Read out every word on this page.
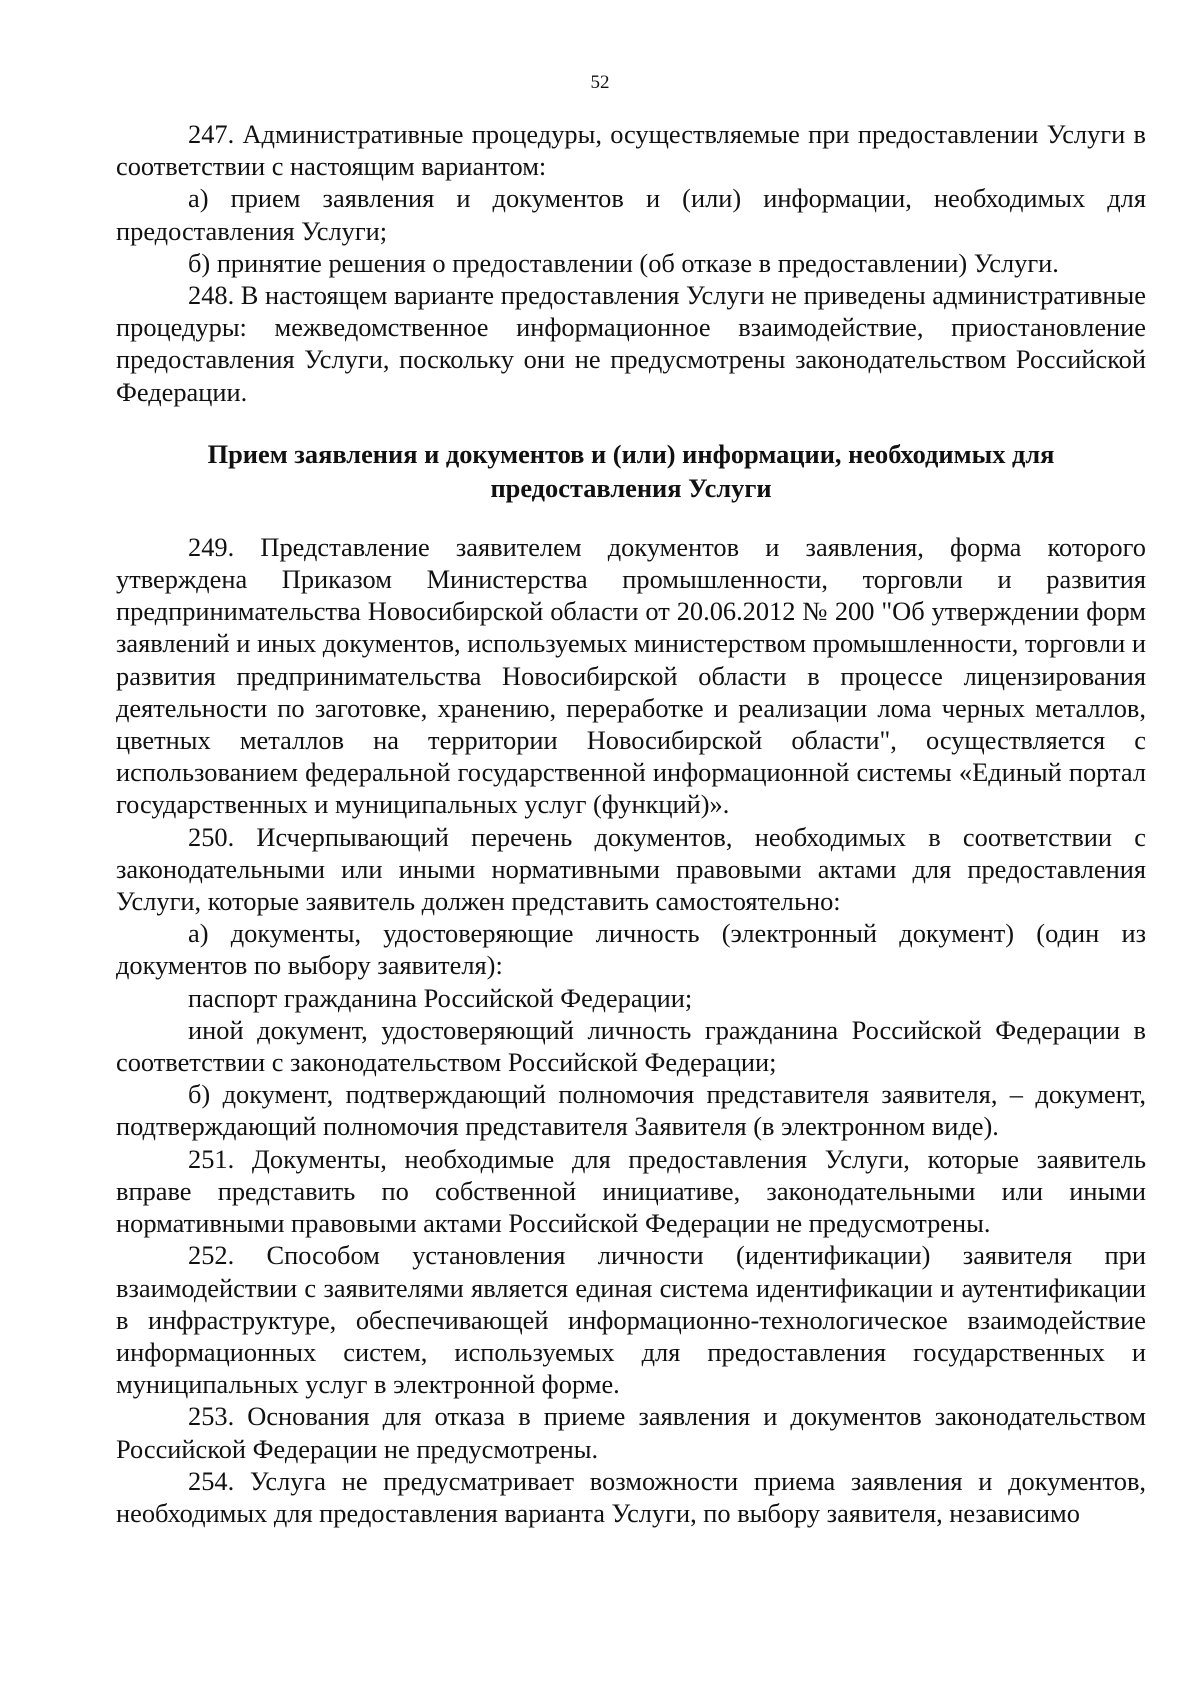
52

247. Административные процедуры, осуществляемые при предоставлении Услуги в соответствии с настоящим вариантом:

а) прием заявления и документов и (или) информации, необходимых для предоставления Услуги;

б) принятие решения о предоставлении (об отказе в предоставлении) Услуги.

248. В настоящем варианте предоставления Услуги не приведены административные процедуры: межведомственное информационное взаимодействие, приостановление предоставления Услуги, поскольку они не предусмотрены законодательством Российской Федерации.

Прием заявления и документов и (или) информации, необходимых для предоставления Услуги

249. Представление заявителем документов и заявления, форма которого утверждена Приказом Министерства промышленности, торговли и развития предпринимательства Новосибирской области от 20.06.2012 № 200 "Об утверждении форм заявлений и иных документов, используемых министерством промышленности, торговли и развития предпринимательства Новосибирской области в процессе лицензирования деятельности по заготовке, хранению, переработке и реализации лома черных металлов, цветных металлов на территории Новосибирской области", осуществляется с использованием федеральной государственной информационной системы «Единый портал государственных и муниципальных услуг (функций)».

250. Исчерпывающий перечень документов, необходимых в соответствии с законодательными или иными нормативными правовыми актами для предоставления Услуги, которые заявитель должен представить самостоятельно:

а) документы, удостоверяющие личность (электронный документ) (один из документов по выбору заявителя):

паспорт гражданина Российской Федерации;

иной документ, удостоверяющий личность гражданина Российской Федерации в соответствии с законодательством Российской Федерации;

б) документ, подтверждающий полномочия представителя заявителя, – документ, подтверждающий полномочия представителя Заявителя (в электронном виде).

251. Документы, необходимые для предоставления Услуги, которые заявитель вправе представить по собственной инициативе, законодательными или иными нормативными правовыми актами Российской Федерации не предусмотрены.

252. Способом установления личности (идентификации) заявителя при взаимодействии с заявителями является единая система идентификации и аутентификации в инфраструктуре, обеспечивающей информационно-технологическое взаимодействие информационных систем, используемых для предоставления государственных и муниципальных услуг в электронной форме.

253. Основания для отказа в приеме заявления и документов законодательством Российской Федерации не предусмотрены.

254. Услуга не предусматривает возможности приема заявления и документов, необходимых для предоставления варианта Услуги, по выбору заявителя, независимо
